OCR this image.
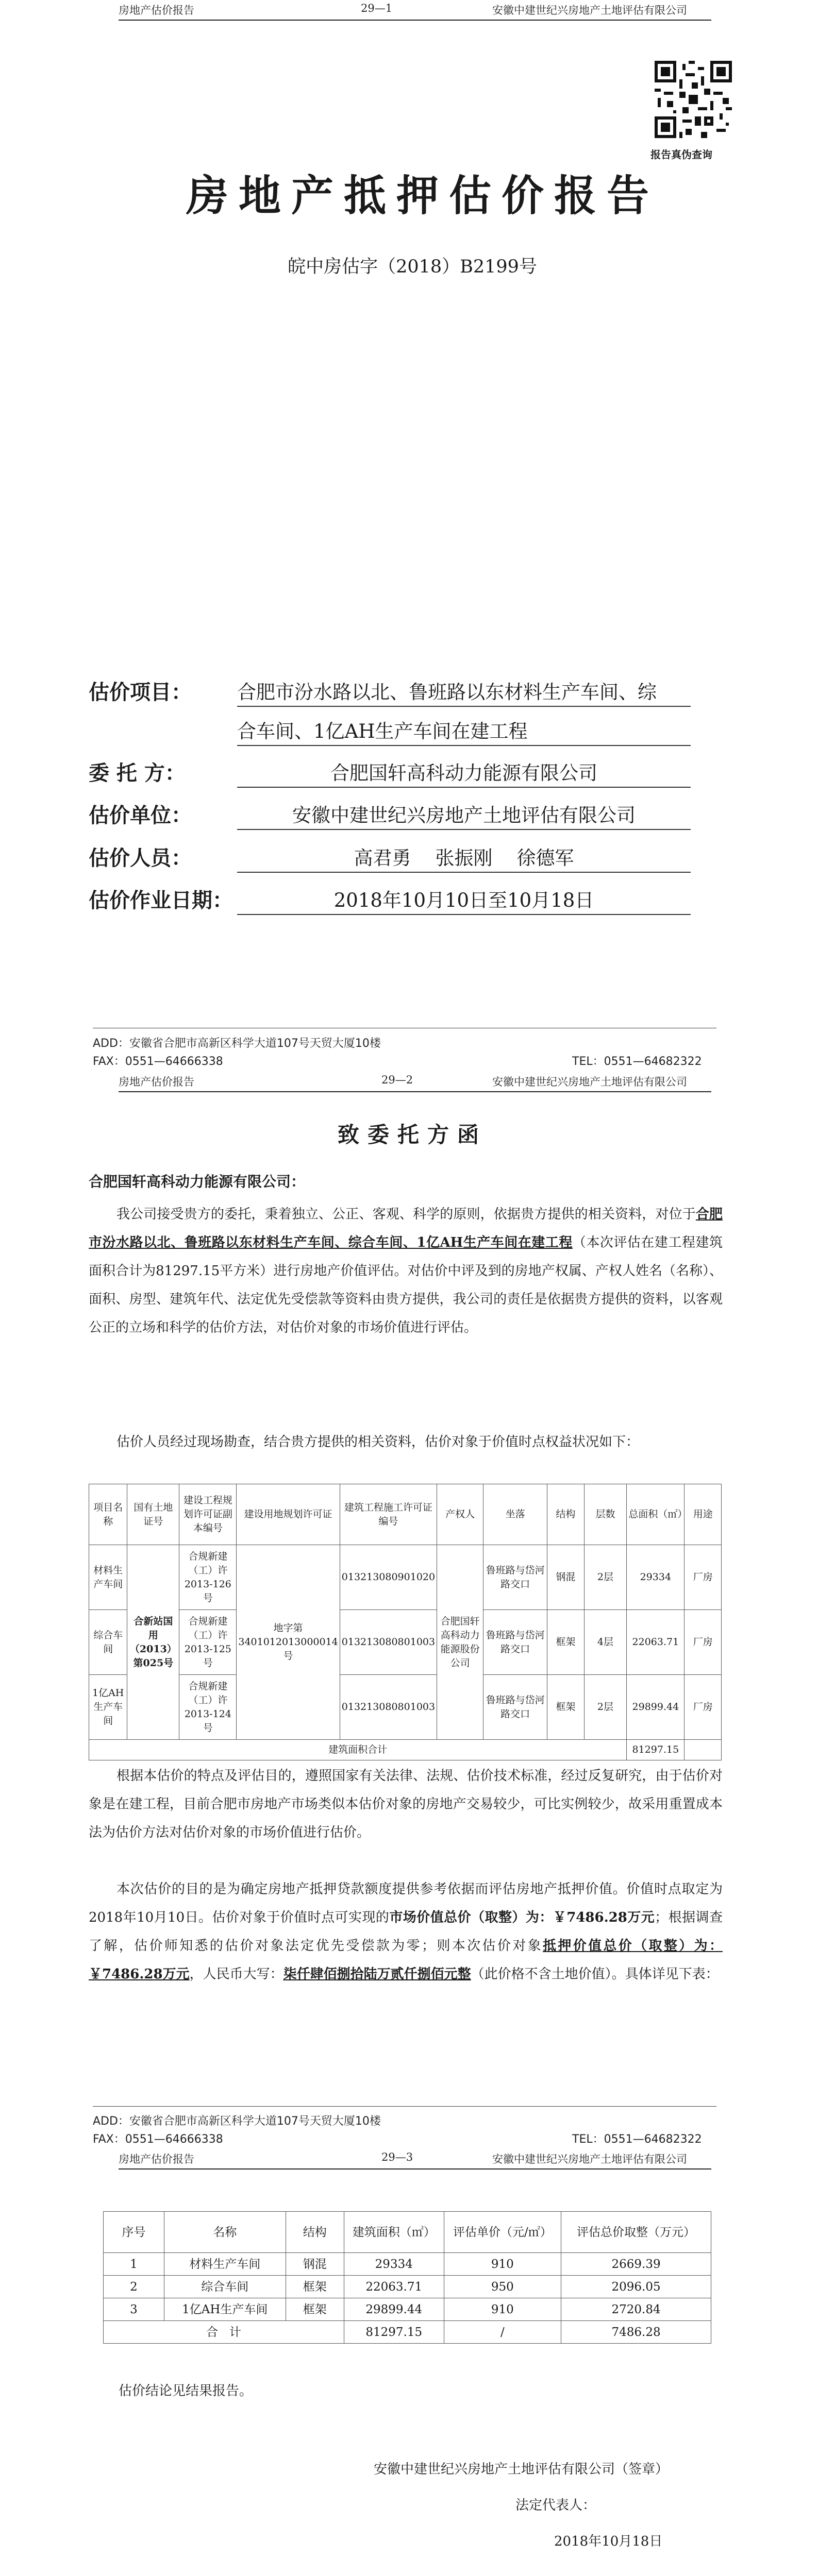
房地产估价报告	29—1	安徽中建世纪兴房地产土地评估有限公司
报告真伪查询
房地产抵押估价报告
皖中房估字（2018）B2199号
估价项目： 合肥市汾水路以北、鲁班路以东材料生产车间、综
合车间、1亿AH生产车间在建工程
委 托 方：	合肥国轩高科动力能源有限公司
估价单位：	安徽中建世纪兴房地产土地评估有限公司
估价人员：	高君勇    张振刚    徐德军
估价作业日期：	2018年10月10日至10月18日
ADD：安徽省合肥市高新区科学大道107号天贸大厦10楼
FAX：0551—64666338	TEL：0551—64682322
房地产估价报告	29—2	安徽中建世纪兴房地产土地评估有限公司
致委托方函
合肥国轩高科动力能源有限公司：
我公司接受贵方的委托，秉着独立、公正、客观、科学的原则，依据贵方提供的相关资料，对位于合肥市汾水路以北、鲁班路以东材料生产车间、综合车间、1亿AH生产车间在建工程（本次评估在建工程建筑面积合计为81297.15平方米）进行房地产价值评估。对估价中评及到的房地产权属、产权人姓名（名称）、面积、房型、建筑年代、法定优先受偿款等资料由贵方提供，我公司的责任是依据贵方提供的资料，以客观公正的立场和科学的估价方法，对估价对象的市场价值进行评估。
估价人员经过现场勘查，结合贵方提供的相关资料，估价对象于价值时点权益状况如下：
项目名称	国有土地证号	建设工程规划许可证副本编号	建设用地规划许可证	建筑工程施工许可证编号	产权人	坐落	结构	层数	总面积（㎡）	用途
材料生产车间	合新站国用（2013）第025号	合规新建（工）许2013-126号	地字第3401012013000014号	013213080901020	合肥国轩高科动力能源股份公司	鲁班路与岱河路交口	钢混	2层	29334	厂房
综合车间		合规新建（工）许2013-125号		013213080801003		鲁班路与岱河路交口	框架	4层	22063.71	厂房
1亿AH生产车间		合规新建（工）许2013-124号		013213080801003		鲁班路与岱河路交口	框架	2层	29899.44	厂房
建筑面积合计									81297.15	
根据本估价的特点及评估目的，遵照国家有关法律、法规、估价技术标准，经过反复研究，由于估价对象是在建工程，目前合肥市房地产市场类似本估价对象的房地产交易较少，可比实例较少，故采用重置成本法为估价方法对估价对象的市场价值进行估价。
本次估价的目的是为确定房地产抵押贷款额度提供参考依据而评估房地产抵押价值。价值时点取定为2018年10月10日。估价对象于价值时点可实现的市场价值总价（取整）为：￥7486.28万元；根据调查了解，估价师知悉的估价对象法定优先受偿款为零；则本次估价对象抵押价值总价（取整）为：￥7486.28万元，人民币大写：柒仟肆佰捌拾陆万贰仟捌佰元整（此价格不含土地价值）。具体详见下表：
ADD：安徽省合肥市高新区科学大道107号天贸大厦10楼
FAX：0551—64666338	TEL：0551—64682322
房地产估价报告	29—3	安徽中建世纪兴房地产土地评估有限公司
序号	名称	结构	建筑面积（㎡）	评估单价（元/㎡）	评估总价取整（万元）
1	材料生产车间	钢混	29334	910	2669.39
2	综合车间	框架	22063.71	950	2096.05
3	1亿AH生产车间	框架	29899.44	910	2720.84
合   计			81297.15	/	7486.28
估价结论见结果报告。
安徽中建世纪兴房地产土地评估有限公司（签章）
法定代表人：
2018年10月18日
